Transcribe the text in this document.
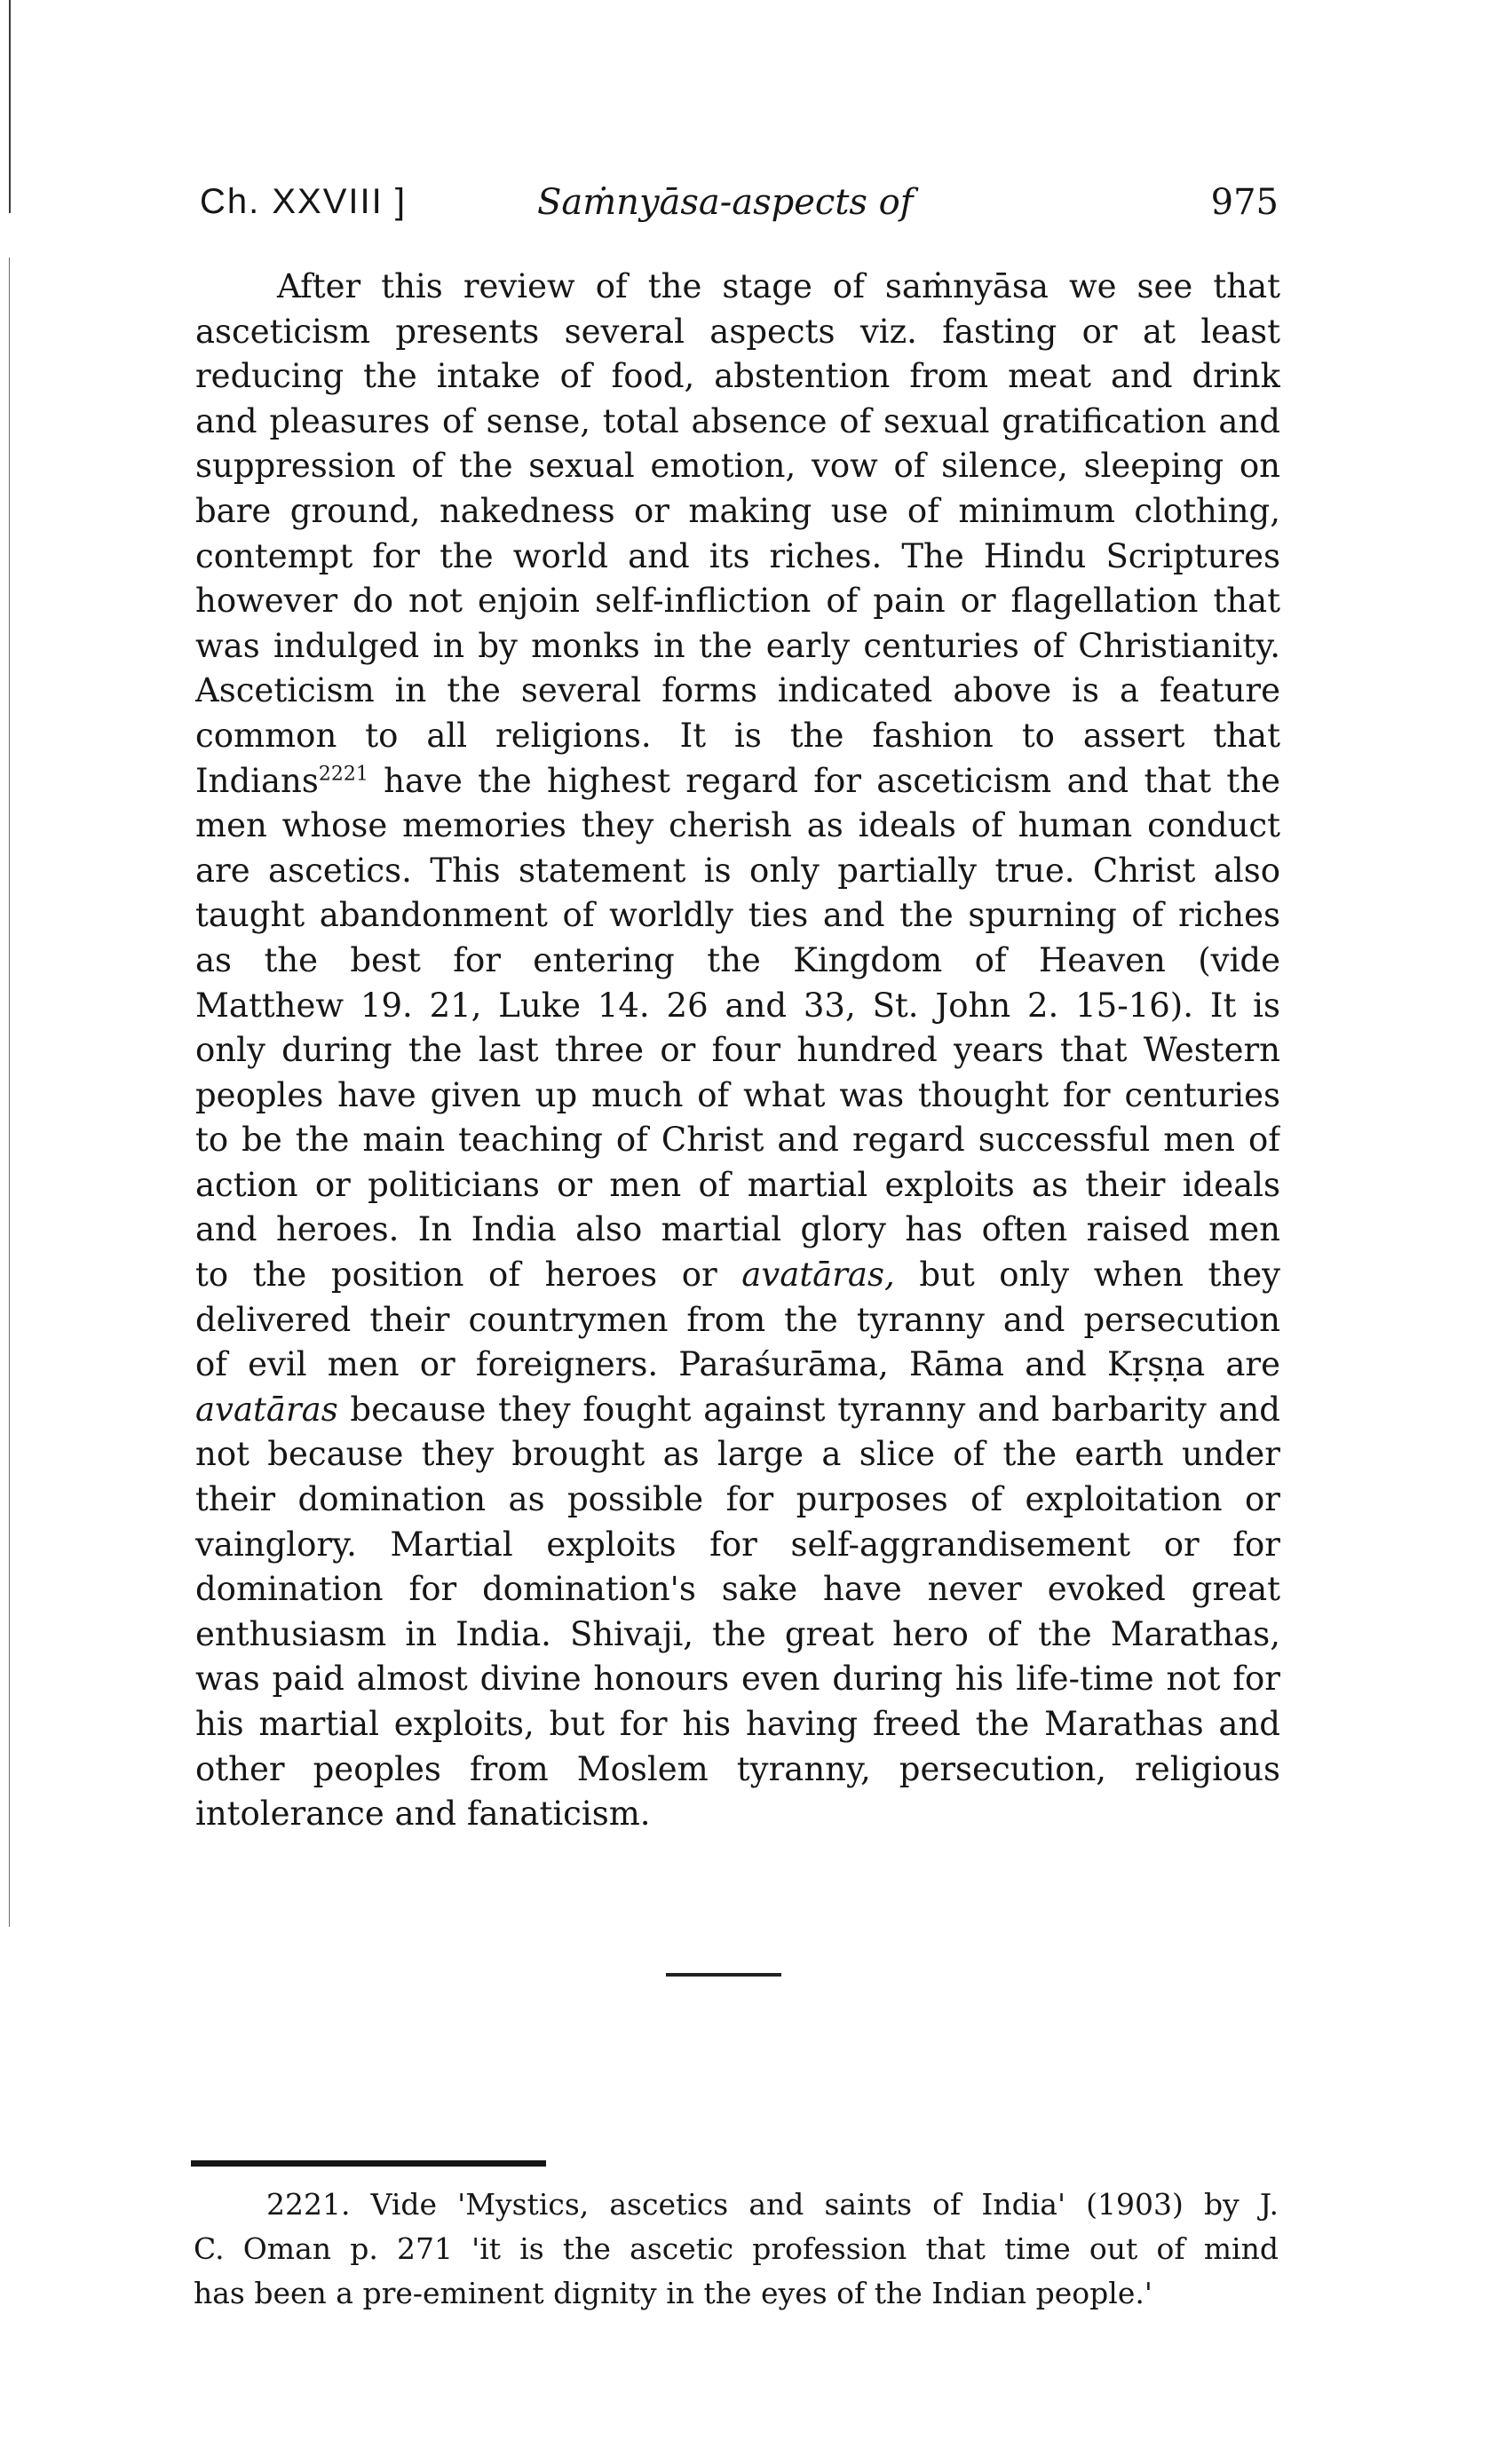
Ch. XXVIII ]	Saṁnyāsa-aspects of	975
After this review of the stage of saṁnyāsa we see that
asceticism presents several aspects viz. fasting or at least
reducing the intake of food, abstention from meat and drink
and pleasures of sense, total absence of sexual gratification and
suppression of the sexual emotion, vow of silence, sleeping on
bare ground, nakedness or making use of minimum clothing,
contempt for the world and its riches. The Hindu Scriptures
however do not enjoin self-infliction of pain or flagellation that
was indulged in by monks in the early centuries of Christianity.
Asceticism in the several forms indicated above is a feature
common to all religions. It is the fashion to assert that
Indians$^{2221}$ have the highest regard for asceticism and that the
men whose memories they cherish as ideals of human conduct
are ascetics. This statement is only partially true. Christ also
taught abandonment of worldly ties and the spurning of riches
as the best for entering the Kingdom of Heaven (vide
Matthew 19. 21, Luke 14. 26 and 33, St. John 2. 15-16). It is
only during the last three or four hundred years that Western
peoples have given up much of what was thought for centuries
to be the main teaching of Christ and regard successful men of
action or politicians or men of martial exploits as their ideals
and heroes. In India also martial glory has often raised men
to the position of heroes or avatāras, but only when they
delivered their countrymen from the tyranny and persecution
of evil men or foreigners. Paraśurāma, Rāma and Kṛṣṇa are
avatāras because they fought against tyranny and barbarity and
not because they brought as large a slice of the earth under
their domination as possible for purposes of exploitation or
vainglory. Martial exploits for self-aggrandisement or for
domination for domination's sake have never evoked great
enthusiasm in India. Shivaji, the great hero of the Marathas,
was paid almost divine honours even during his life-time not for
his martial exploits, but for his having freed the Marathas and
other peoples from Moslem tyranny, persecution, religious
intolerance and fanaticism.
2221. Vide 'Mystics, ascetics and saints of India' (1903) by J.
C. Oman p. 271 'it is the ascetic profession that time out of mind
has been a pre-eminent dignity in the eyes of the Indian people.'
